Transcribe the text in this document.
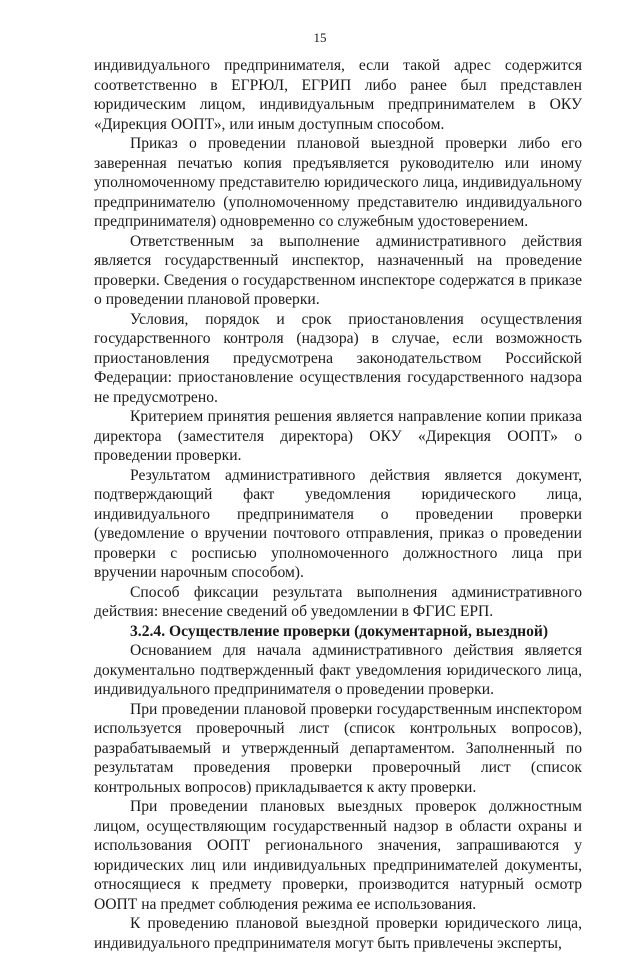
15

индивидуального предпринимателя, если такой адрес содержится соответственно в ЕГРЮЛ, ЕГРИП либо ранее был представлен юридическим лицом, индивидуальным предпринимателем в ОКУ «Дирекция ООПТ», или иным доступным способом.

Приказ о проведении плановой выездной проверки либо его заверенная печатью копия предъявляется руководителю или иному уполномоченному представителю юридического лица, индивидуальному предпринимателю (уполномоченному представителю индивидуального предпринимателя) одновременно со служебным удостоверением.

Ответственным за выполнение административного действия является государственный инспектор, назначенный на проведение проверки. Сведения о государственном инспекторе содержатся в приказе о проведении плановой проверки.

Условия, порядок и срок приостановления осуществления государственного контроля (надзора) в случае, если возможность приостановления предусмотрена законодательством Российской Федерации: приостановление осуществления государственного надзора не предусмотрено.

Критерием принятия решения является направление копии приказа директора (заместителя директора) ОКУ «Дирекция ООПТ» о проведении проверки.

Результатом административного действия является документ, подтверждающий факт уведомления юридического лица, индивидуального предпринимателя о проведении проверки (уведомление о вручении почтового отправления, приказ о проведении проверки с росписью уполномоченного должностного лица при вручении нарочным способом).

Способ фиксации результата выполнения административного действия: внесение сведений об уведомлении в ФГИС ЕРП.

3.2.4. Осуществление проверки (документарной, выездной)

Основанием для начала административного действия является документально подтвержденный факт уведомления юридического лица, индивидуального предпринимателя о проведении проверки.

При проведении плановой проверки государственным инспектором используется проверочный лист (список контрольных вопросов), разрабатываемый и утвержденный департаментом. Заполненный по результатам проведения проверки проверочный лист (список контрольных вопросов) прикладывается к акту проверки.

При проведении плановых выездных проверок должностным лицом, осуществляющим государственный надзор в области охраны и использования ООПТ регионального значения, запрашиваются у юридических лиц или индивидуальных предпринимателей документы, относящиеся к предмету проверки, производится натурный осмотр ООПТ на предмет соблюдения режима ее использования.

К проведению плановой выездной проверки юридического лица, индивидуального предпринимателя могут быть привлечены эксперты,
